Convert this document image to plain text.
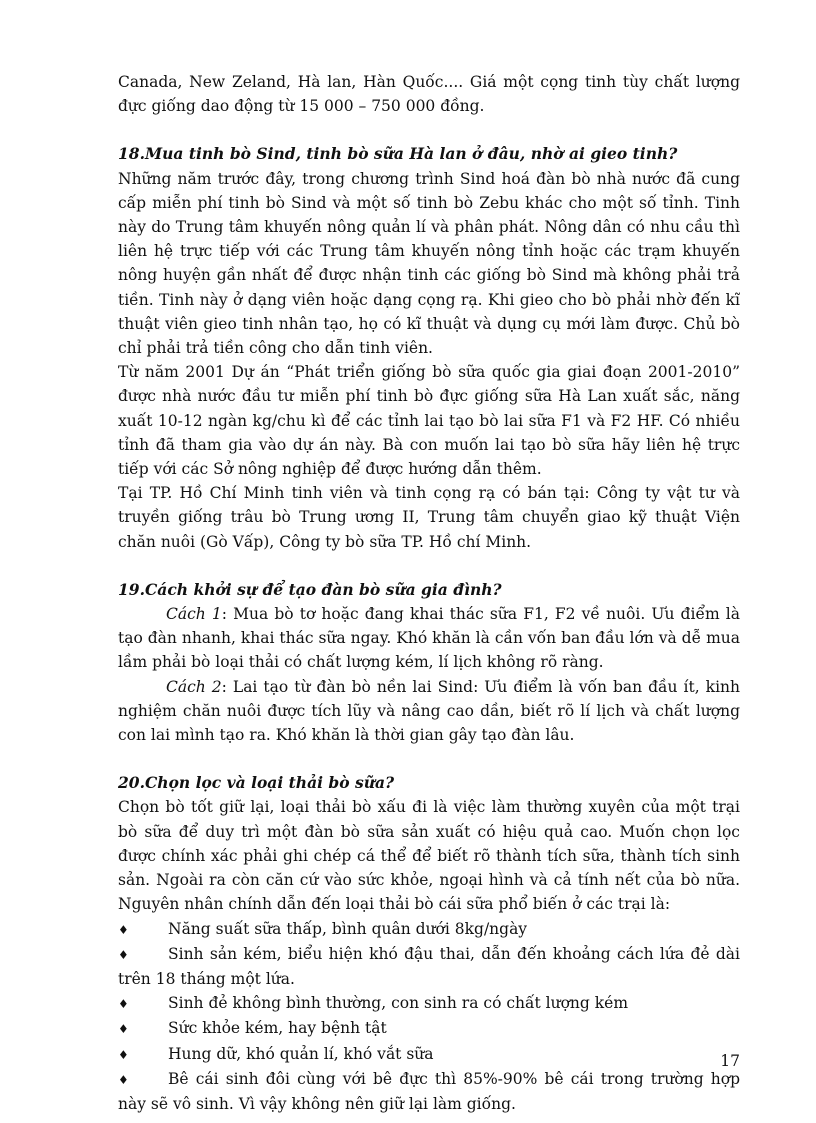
Canada, New Zeland, Hà lan, Hàn Quốc.... Giá một cọng tinh tùy chất lượng đực giống dao động từ 15 000 – 750 000 đồng.

18.Mua tinh bò Sind, tinh bò sữa Hà lan ở đâu, nhờ ai gieo tinh?

Những năm trước đây, trong chương trình Sind hoá đàn bò nhà nước đã cung cấp miễn phí tinh bò Sind và một số tinh bò Zebu khác cho một số tỉnh. Tinh này do Trung tâm khuyến nông quản lí và phân phát. Nông dân có nhu cầu thì liên hệ trực tiếp với các Trung tâm khuyến nông tỉnh hoặc các trạm khuyến nông huyện gần nhất để được nhận tinh các giống bò Sind mà không phải trả tiền. Tinh này ở dạng viên hoặc dạng cọng rạ. Khi gieo cho bò phải nhờ đến kĩ thuật viên gieo tinh nhân tạo, họ có kĩ thuật và dụng cụ mới làm được. Chủ bò chỉ phải trả tiền công cho dẫn tinh viên.

Từ năm 2001 Dự án “Phát triển giống bò sữa quốc gia giai đoạn 2001-2010” được nhà nước đầu tư miễn phí tinh bò đực giống sữa Hà Lan xuất sắc, năng xuất 10-12 ngàn kg/chu kì để các tỉnh lai tạo bò lai sữa F1 và F2 HF. Có nhiều tỉnh đã tham gia vào dự án này. Bà con muốn lai tạo bò sữa hãy liên hệ trực tiếp với các Sở nông nghiệp để được hướng dẫn thêm.

Tại TP. Hồ Chí Minh tinh viên và tinh cọng rạ có bán tại: Công ty vật tư và truyền giống trâu bò Trung ương II, Trung tâm chuyển giao kỹ thuật Viện chăn nuôi (Gò Vấp), Công ty bò sữa TP. Hồ chí Minh.

19.Cách khởi sự để tạo đàn bò sữa gia đình?

Cách 1: Mua bò tơ hoặc đang khai thác sữa F1, F2 về nuôi. Ưu điểm là tạo đàn nhanh, khai thác sữa ngay. Khó khăn là cần vốn ban đầu lớn và dễ mua lầm phải bò loại thải có chất lượng kém, lí lịch không rõ ràng.

Cách 2: Lai tạo từ đàn bò nền lai Sind: Ưu điểm là vốn ban đầu ít, kinh nghiệm chăn nuôi được tích lũy và nâng cao dần, biết rõ lí lịch và chất lượng con lai mình tạo ra. Khó khăn là thời gian gây tạo đàn lâu.

20.Chọn lọc và loại thải bò sữa?

Chọn bò tốt giữ lại, loại thải bò xấu đi là việc làm thường xuyên của một trại bò sữa để duy trì một đàn bò sữa sản xuất có hiệu quả cao. Muốn chọn lọc được chính xác phải ghi chép cá thể để biết rõ thành tích sữa, thành tích sinh sản. Ngoài ra còn căn cứ vào sức khỏe, ngoại hình và cả tính nết của bò nữa. Nguyên nhân chính dẫn đến loại thải bò cái sữa phổ biến ở các trại là:

♦	Năng suất sữa thấp, bình quân dưới 8kg/ngày

♦	Sinh sản kém, biểu hiện khó đậu thai, dẫn đến khoảng cách lứa đẻ dài trên 18 tháng một lứa.

♦	Sinh đẻ không bình thường, con sinh ra có chất lượng kém
♦	Sức khỏe kém, hay bệnh tật
♦	Hung dữ, khó quản lí, khó vắt sữa

♦	Bê cái sinh đôi cùng với bê đực thì 85%-90% bê cái trong trường hợp này sẽ vô sinh. Vì vậy không nên giữ lại làm giống.

17
